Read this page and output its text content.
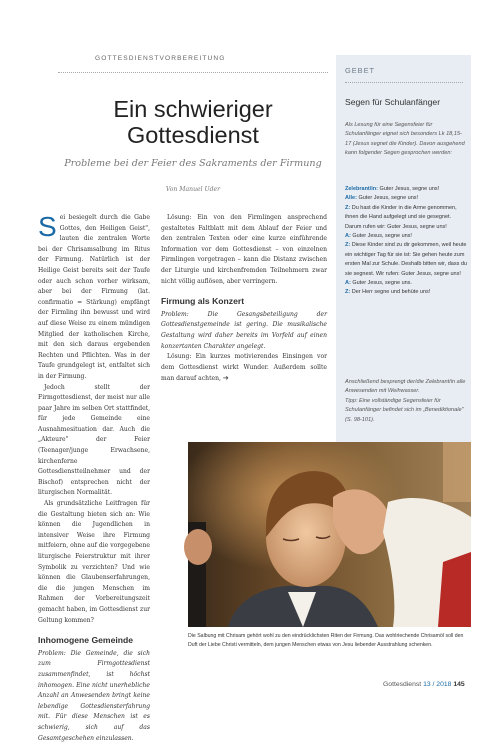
GOTTESDIENSTVORBEREITUNG
Ein schwieriger Gottesdienst
Probleme bei der Feier des Sakraments der Firmung
Von Manuel Uder

S ei besiegelt durch die Gabe Gottes, den Heiligen Geist", lauten die zentralen Worte bei der Chrisamsalbung im Ritus der Firmung. Natürlich ist der Heilige Geist bereits seit der Taufe oder auch schon vorher wirksam, aber bei der Firmung (lat. confirmatio = Stärkung) empfängt der Firmling ihn bewusst und wird auf diese Weise zu einem mündigen Mitglied der katholischen Kirche, mit den sich daraus ergebenden Rechten und Pflichten. Was in der Taufe grundgelegt ist, entfaltet sich in der Firmung.

Jedoch stellt der Firmgottesdienst, der meist nur alle paar Jahre im selben Ort stattfindet, für jede Gemeinde eine Ausnahmesituation dar. Auch die „Akteure" der Feier (Teenager/junge Erwachsene, kirchenferne Gottesdienstteilnehmer und der Bischof) entsprechen nicht der liturgischen Normalität.

Als grundsätzliche Leitfragen für die Gestaltung bieten sich an: Wie können die Jugendlichen in intensiver Weise ihre Firmung mitfeiern, ohne auf die vorgegebene liturgische Feierstruktur mit ihrer Symbolik zu verzichten? Und wie können die Glaubenserfahrungen, die die jungen Menschen im Rahmen der Vorbereitungszeit gemacht haben, im Gottesdienst zur Geltung kommen?

Inhomogene Gemeinde

Problem: Die Gemeinde, die sich zum Firmgottesdienst zusammenfindet, ist höchst inhomogen. Eine nicht unerhebliche Anzahl an Anwesenden bringt keine lebendige Gottesdiensterfahrung mit. Für diese Menschen ist es schwierig, sich auf das Gesamtgeschehen einzulassen.

Lösung: Ein von den Firmlingen ansprechend gestaltetes Faltblatt mit dem Ablauf der Feier und den zentralen Texten oder eine kurze einführende Information vor dem Gottesdienst – von einzelnen Firmlingen vorgetragen – kann die Distanz zwischen der Liturgie und kirchenfremden Teilnehmern zwar nicht völlig auflösen, aber verringern.

Firmung als Konzert

Problem: Die Gesangsbeteiligung der Gottesdienstgemeinde ist gering. Die musikalische Gestaltung wird daher bereits im Vorfeld auf einen konzertanten Charakter angelegt.

Lösung: Ein kurzes motivierendes Einsingen vor dem Gottesdienst wirkt Wunder. Außerdem sollte man darauf achten, ➔

GEBET
Segen für Schulanfänger
Als Lesung für eine Segensfeier für Schulanfänger eignet sich besonders Lk 18,15-17 (Jesus segnet die Kinder). Davon ausgehend kann folgender Segen gesprochen werden:
Zelebrant/in: Guter Jesus, segne uns!
Alle: Guter Jesus, segne uns!
Z: Du hast die Kinder in die Arme genommen, ihnen die Hand aufgelegt und sie gesegnet. Darum rufen wir: Guter Jesus, segne uns!
A: Guter Jesus, segne uns!
Z: Diese Kinder sind zu dir gekommen, weil heute ein wichtiger Tag für sie ist: Sie gehen heute zum ersten Mal zur Schule. Deshalb bitten wir, dass du sie segnest. Wir rufen: Guter Jesus, segne uns!
A: Guter Jesus, segne uns.
Z: Der Herr segne und behüte uns!
Anschließend besprengt der/die Zelebrant/in alle Anwesenden mit Weihwasser.
Tipp: Eine vollständige Segensfeier für Schulanfänger befindet sich im „Benediktionale" (S. 98-101).
Die Salbung mit Chrisam gehört wohl zu den eindrücklichsten Riten der Firmung. Das wohlriechende Chrisamöl soll den Duft der Liebe Christi vermitteln, dem jungen Menschen etwas von Jesu liebender Ausstrahlung schenken.
Gottesdienst 13 / 2018 145
